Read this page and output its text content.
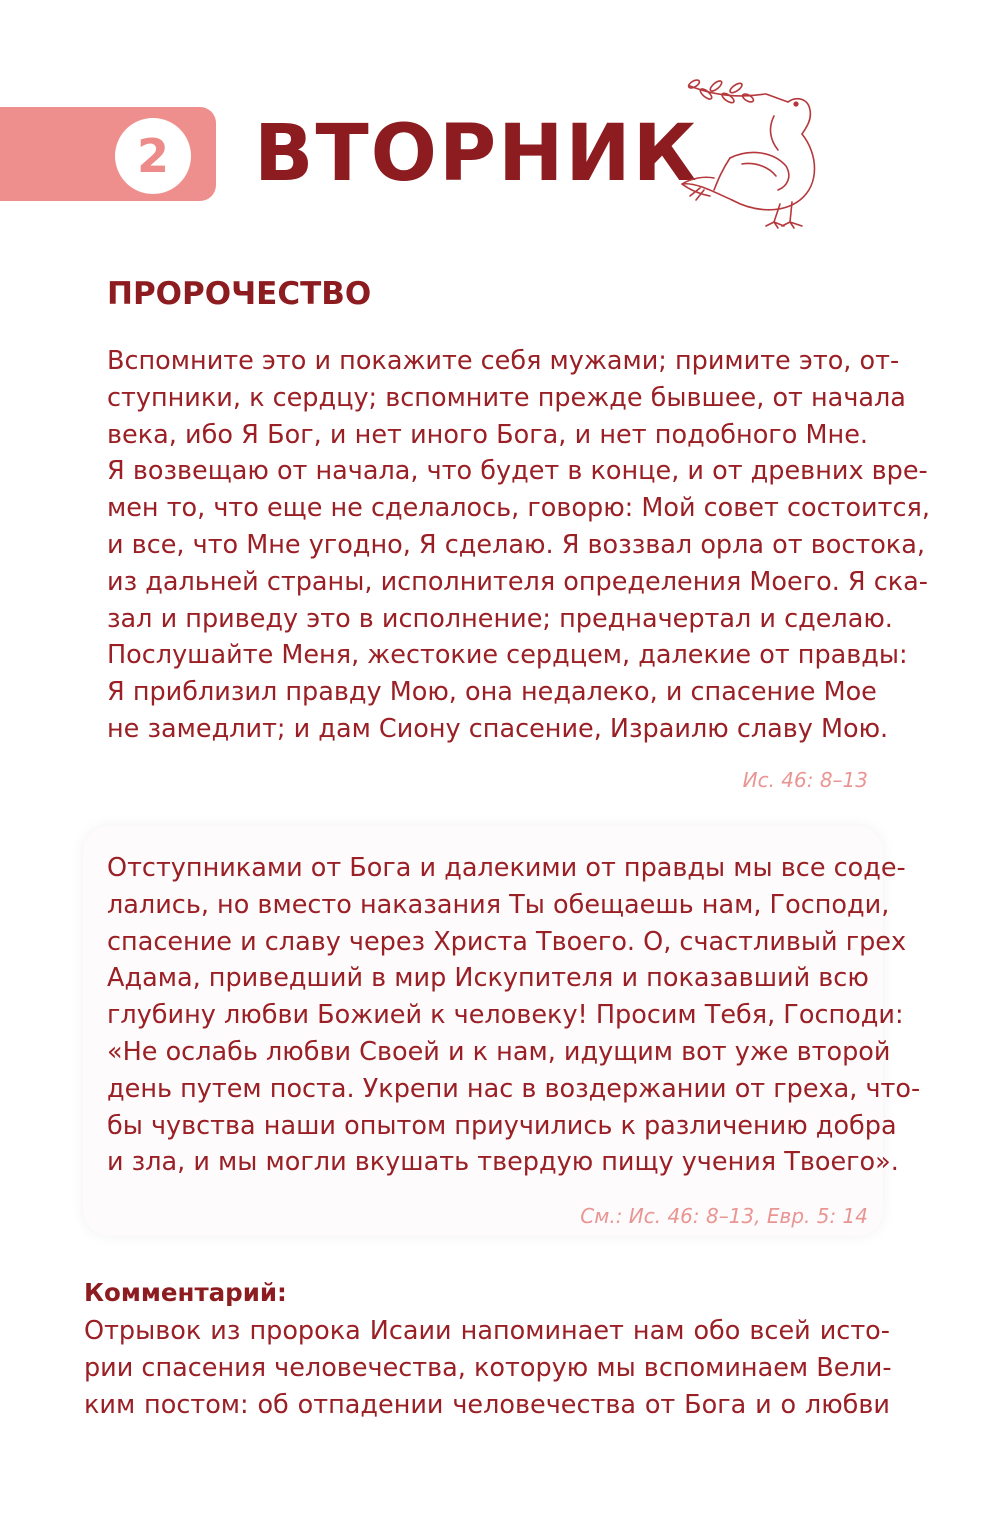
2 ВТОРНИК
ПРОРОЧЕСТВО
Вспомните это и покажите себя мужами; примите это, от-
ступники, к сердцу; вспомните прежде бывшее, от начала
века, ибо Я Бог, и нет иного Бога, и нет подобного Мне.
Я возвещаю от начала, что будет в конце, и от древних вре-
мен то, что еще не сделалось, говорю: Мой совет состоится,
и все, что Мне угодно, Я сделаю. Я воззвал орла от востока,
из дальней страны, исполнителя определения Моего. Я ска-
зал и приведу это в исполнение; предначертал и сделаю.
Послушайте Меня, жестокие сердцем, далекие от правды:
Я приблизил правду Мою, она недалеко, и спасение Мое
не замедлит; и дам Сиону спасение, Израилю славу Мою.
Ис. 46: 8–13
Отступниками от Бога и далекими от правды мы все соде-
лались, но вместо наказания Ты обещаешь нам, Господи,
спасение и славу через Христа Твоего. О, счастливый грех
Адама, приведший в мир Искупителя и показавший всю
глубину любви Божией к человеку! Просим Тебя, Господи:
«Не ослабь любви Своей и к нам, идущим вот уже второй
день путем поста. Укрепи нас в воздержании от греха, что-
бы чувства наши опытом приучились к различению добра
и зла, и мы могли вкушать твердую пищу учения Твоего».
См.: Ис. 46: 8–13, Евр. 5: 14
Комментарий:
Отрывок из пророка Исаии напоминает нам обо всей исто-
рии спасения человечества, которую мы вспоминаем Вели-
ким постом: об отпадении человечества от Бога и о любви
